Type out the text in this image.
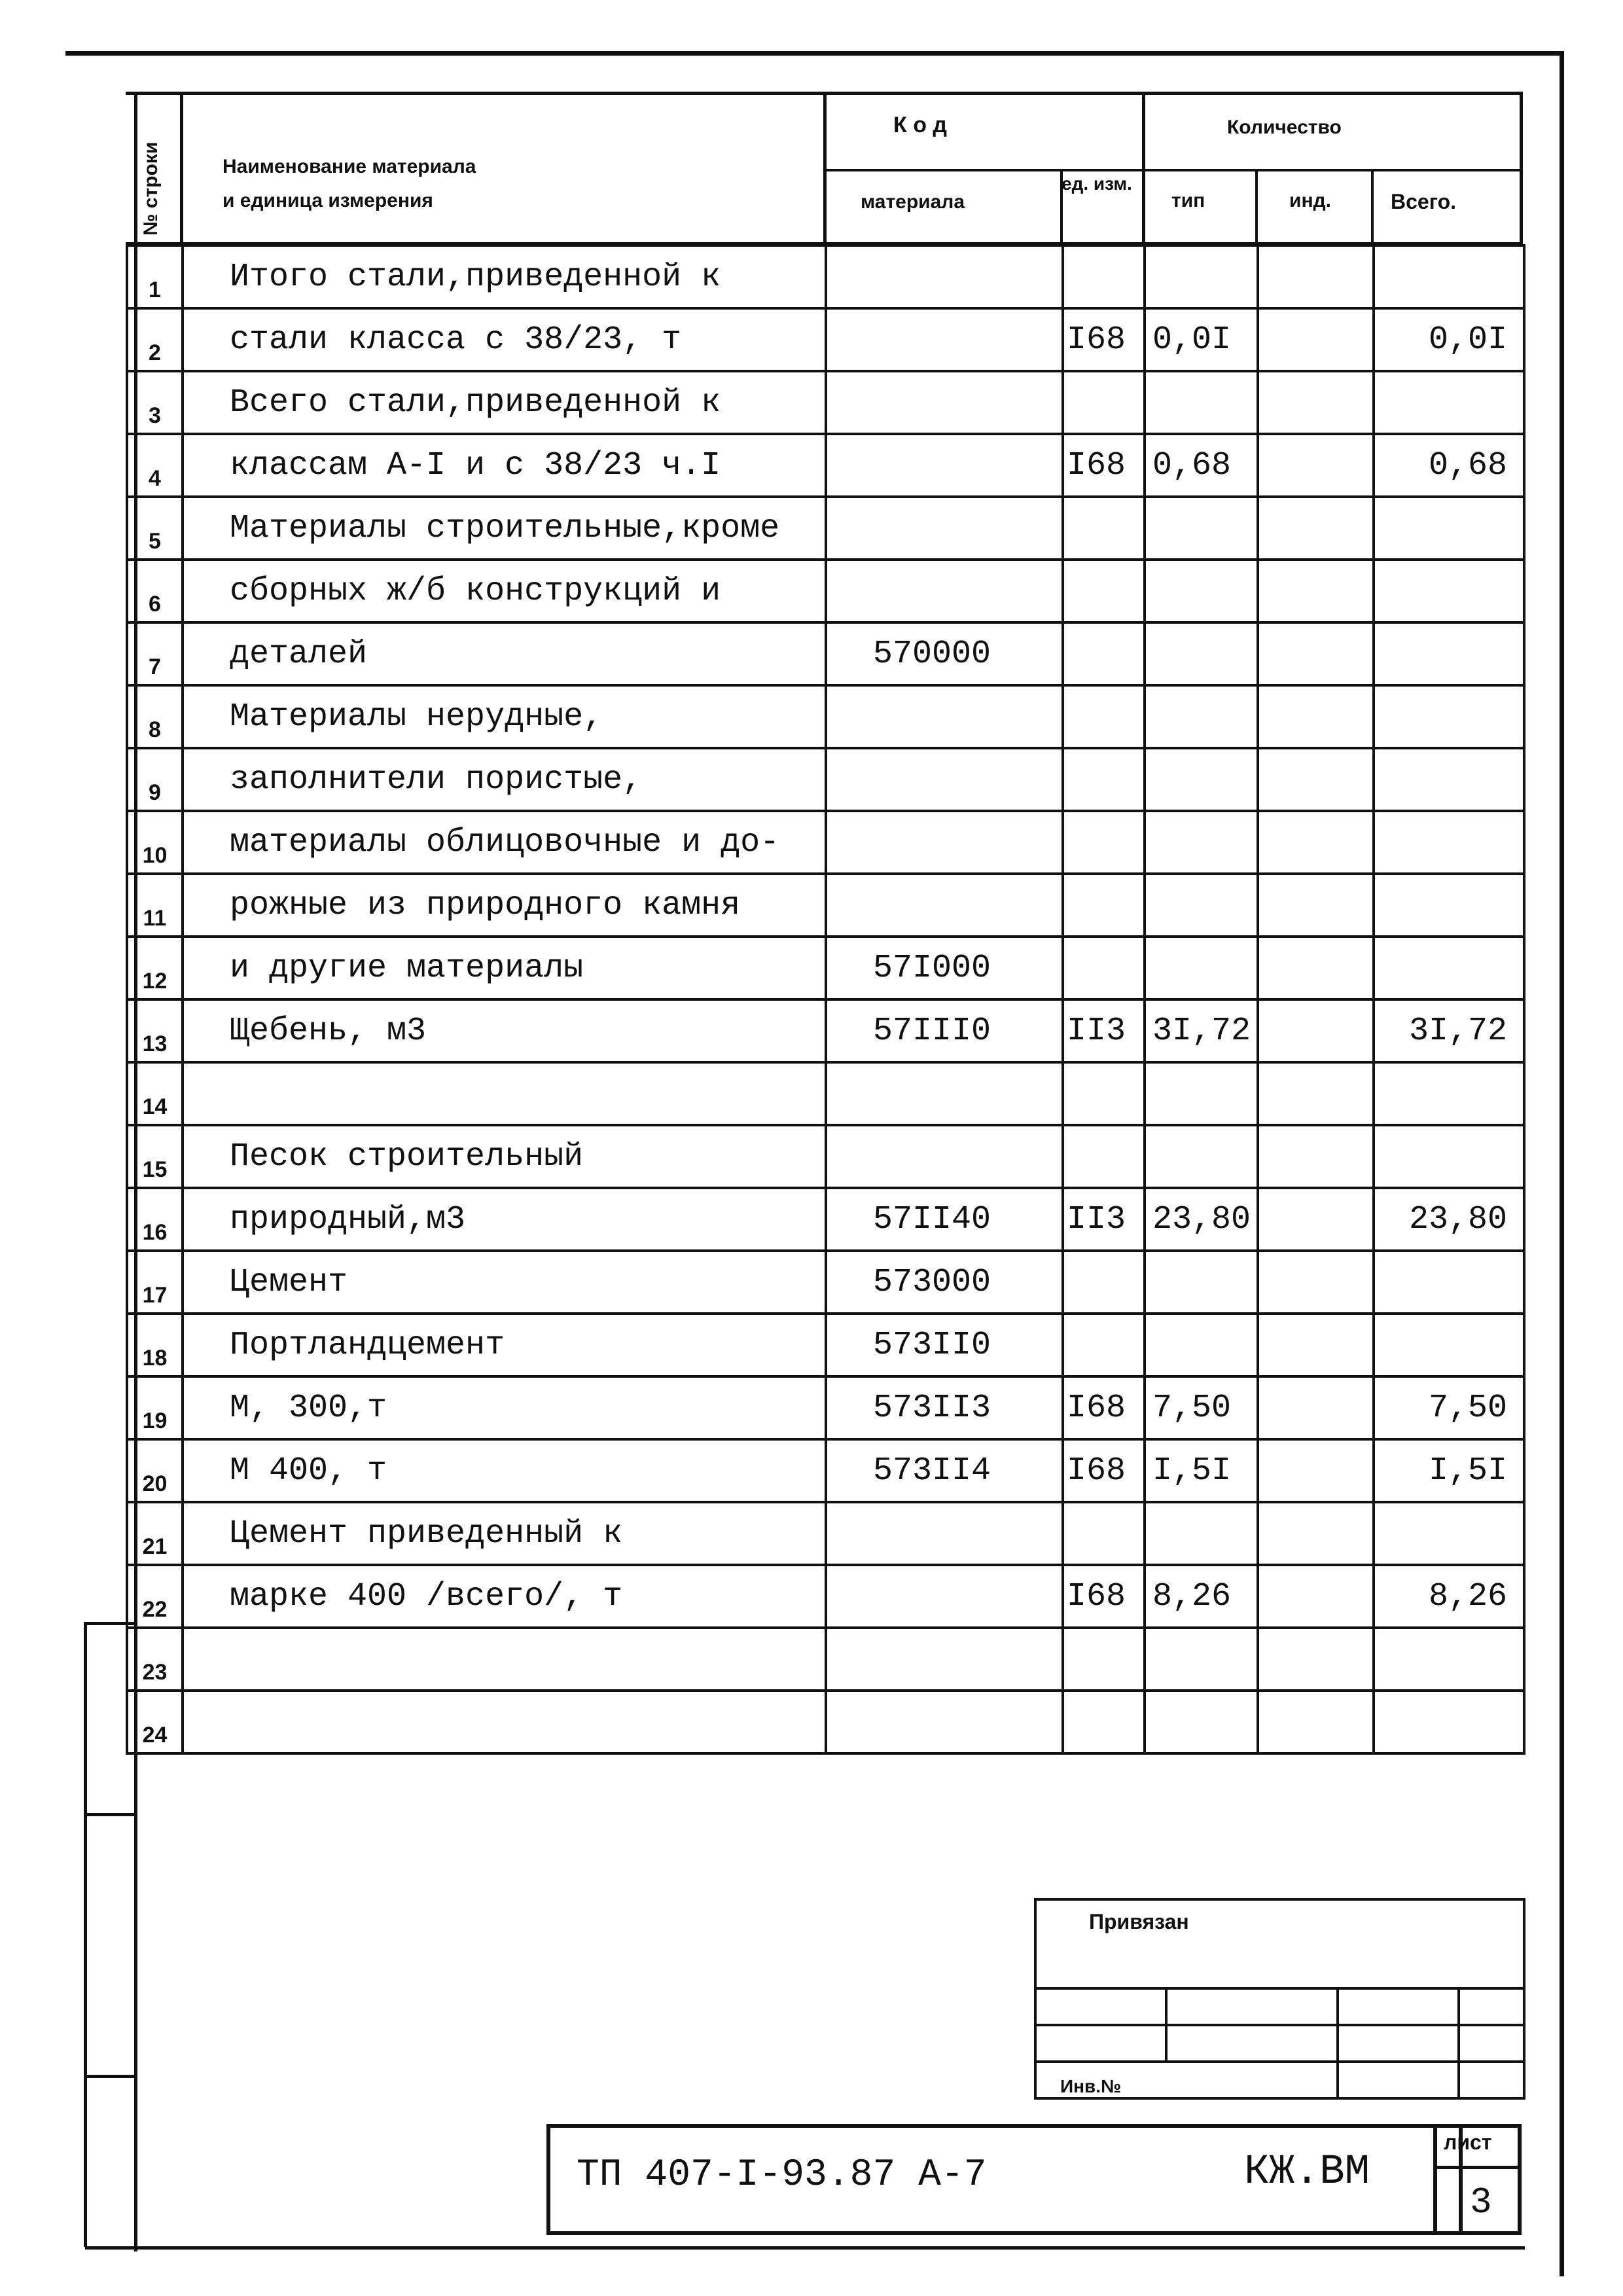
№ строки	Наименование материала
и единица измерения
К о д
материала
ед. изм.
Количество
тип	инд.	Всего.
1	Итого стали,приведенной к					
2	стали класса с 38/23, т		I68	0,0I		0,0I
3	Всего стали,приведенной к					
4	классам А-I и с 38/23 ч.I		I68	0,68		0,68
5	Материалы строительные,кроме					
6	сборных ж/б конструкций и					
7	деталей	570000				
8	Материалы нерудные,					
9	заполнители пористые,					
10	материалы облицовочные и до-					
11	рожные из природного камня					
12	и другие материалы	57I000				
13	Щебень, м3	57III0	II3	3I,72		3I,72
14						
15	Песок строительный					
16	природный,м3	57II40	II3	23,80		23,80
17	Цемент	573000				
18	Портландцемент	573II0				
19	М, 300,т	573II3	I68	7,50		7,50
20	М 400, т	573II4	I68	I,5I		I,5I
21	Цемент приведенный к					
22	марке 400 /всего/, т		I68	8,26		8,26
23						
24						
Привязан			

Инв.№			
ТП 407-I-93.87 А-7	КЖ.ВМ
лист
3
